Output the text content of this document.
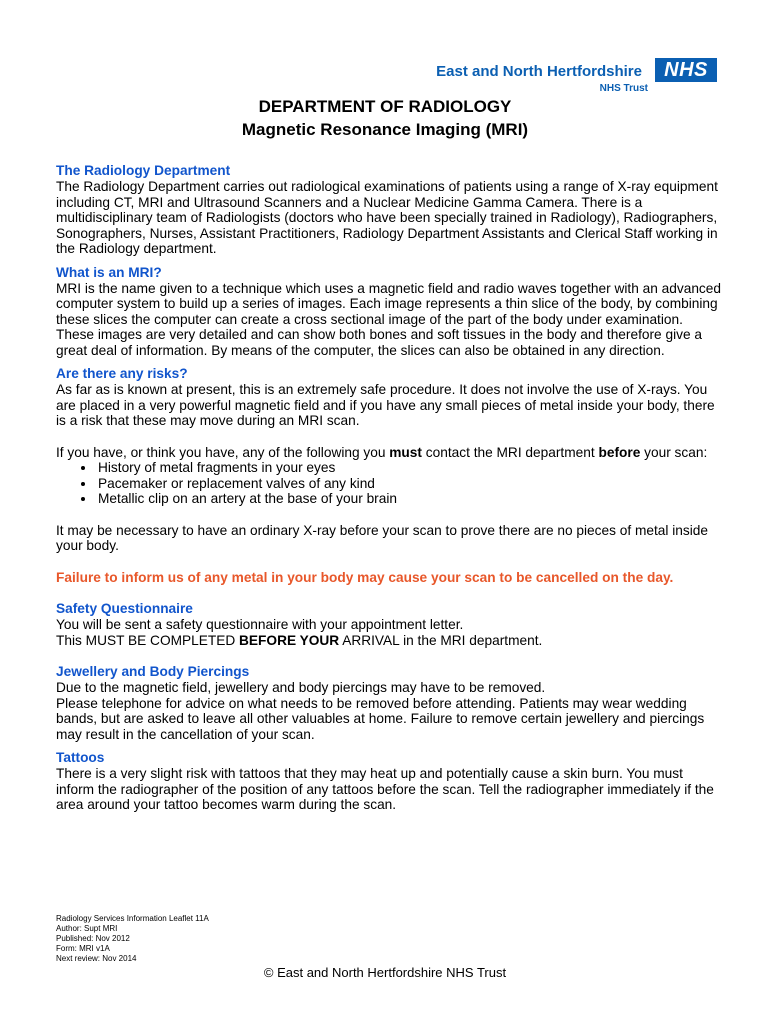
East and North Hertfordshire
NHS Trust
NHS
DEPARTMENT OF RADIOLOGY
Magnetic Resonance Imaging (MRI)
The Radiology Department

The Radiology Department carries out radiological examinations of patients using a range of X-ray equipment including CT, MRI and Ultrasound Scanners and a Nuclear Medicine Gamma Camera. There is a multidisciplinary team of Radiologists (doctors who have been specially trained in Radiology), Radiographers, Sonographers, Nurses, Assistant Practitioners, Radiology Department Assistants and Clerical Staff working in the Radiology department.

What is an MRI?

MRI is the name given to a technique which uses a magnetic field and radio waves together with an advanced computer system to build up a series of images. Each image represents a thin slice of the body, by combining these slices the computer can create a cross sectional image of the part of the body under examination. These images are very detailed and can show both bones and soft tissues in the body and therefore give a great deal of information. By means of the computer, the slices can also be obtained in any direction.

Are there any risks?

As far as is known at present, this is an extremely safe procedure. It does not involve the use of X-rays. You are placed in a very powerful magnetic field and if you have any small pieces of metal inside your body, there is a risk that these may move during an MRI scan.

If you have, or think you have, any of the following you must contact the MRI department before your scan:

• History of metal fragments in your eyes
• Pacemaker or replacement valves of any kind
• Metallic clip on an artery at the base of your brain

It may be necessary to have an ordinary X-ray before your scan to prove there are no pieces of metal inside your body.

Failure to inform us of any metal in your body may cause your scan to be cancelled on the day.

Safety Questionnaire

You will be sent a safety questionnaire with your appointment letter.

This MUST BE COMPLETED BEFORE YOUR ARRIVAL in the MRI department.

Jewellery and Body Piercings

Due to the magnetic field, jewellery and body piercings may have to be removed.

Please telephone for advice on what needs to be removed before attending. Patients may wear wedding bands, but are asked to leave all other valuables at home. Failure to remove certain jewellery and piercings may result in the cancellation of your scan.

Tattoos

There is a very slight risk with tattoos that they may heat up and potentially cause a skin burn. You must inform the radiographer of the position of any tattoos before the scan. Tell the radiographer immediately if the area around your tattoo becomes warm during the scan.

Radiology Services Information Leaflet 11A
Author: Supt MRI
Published: Nov 2012
Form: MRI v1A
Next review: Nov 2014
© East and North Hertfordshire NHS Trust
